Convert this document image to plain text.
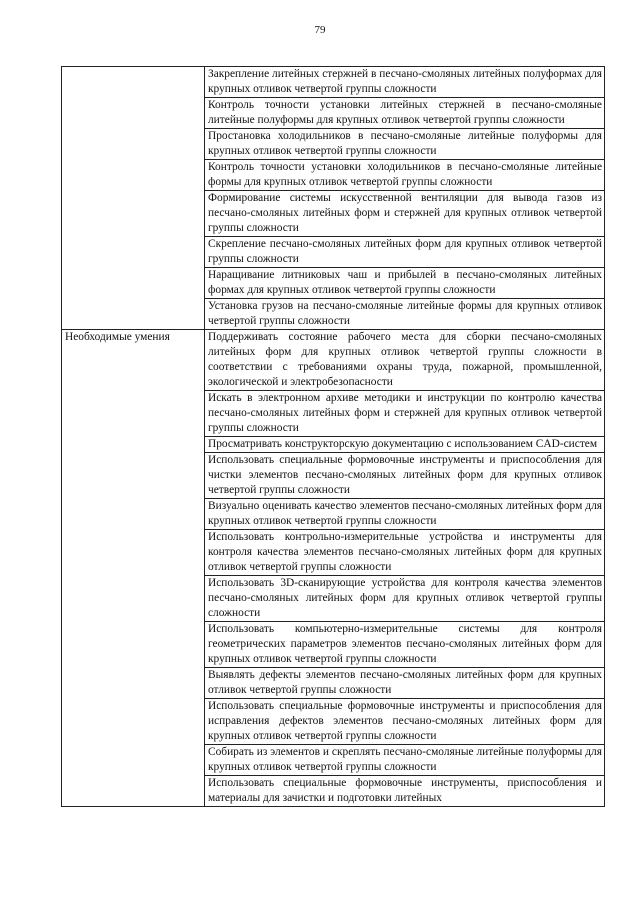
79
	Закрепление литейных стержней в песчано-смоляных литейных полуформах для крупных отливок четвертой группы сложности
	Контроль точности установки литейных стержней в песчано-смоляные литейные полуформы для крупных отливок четвертой группы сложности
	Простановка холодильников в песчано-смоляные литейные полуформы для крупных отливок четвертой группы сложности
	Контроль точности установки холодильников в песчано-смоляные литейные формы для крупных отливок четвертой группы сложности
	Формирование системы искусственной вентиляции для вывода газов из песчано-смоляных литейных форм и стержней для крупных отливок четвертой группы сложности
	Скрепление песчано-смоляных литейных форм для крупных отливок четвертой группы сложности
	Наращивание литниковых чаш и прибылей в песчано-смоляных литейных формах для крупных отливок четвертой группы сложности
	Установка грузов на песчано-смоляные литейные формы для крупных отливок четвертой группы сложности
Необходимые умения	Поддерживать состояние рабочего места для сборки песчано-смоляных литейных форм для крупных отливок четвертой группы сложности в соответствии с требованиями охраны труда, пожарной, промышленной, экологической и электробезопасности
	Искать в электронном архиве методики и инструкции по контролю качества песчано-смоляных литейных форм и стержней для крупных отливок четвертой группы сложности
	Просматривать конструкторскую документацию с использованием CAD-систем
	Использовать специальные формовочные инструменты и приспособления для чистки элементов песчано-смоляных литейных форм для крупных отливок четвертой группы сложности
	Визуально оценивать качество элементов песчано-смоляных литейных форм для крупных отливок четвертой группы сложности
	Использовать контрольно-измерительные устройства и инструменты для контроля качества элементов песчано-смоляных литейных форм для крупных отливок четвертой группы сложности
	Использовать 3D-сканирующие устройства для контроля качества элементов песчано-смоляных литейных форм для крупных отливок четвертой группы сложности
	Использовать компьютерно-измерительные системы для контроля геометрических параметров элементов песчано-смоляных литейных форм для крупных отливок четвертой группы сложности
	Выявлять дефекты элементов песчано-смоляных литейных форм для крупных отливок четвертой группы сложности
	Использовать специальные формовочные инструменты и приспособления для исправления дефектов элементов песчано-смоляных литейных форм для крупных отливок четвертой группы сложности
	Собирать из элементов и скреплять песчано-смоляные литейные полуформы для крупных отливок четвертой группы сложности
	Использовать специальные формовочные инструменты, приспособления и материалы для зачистки и подготовки литейных
